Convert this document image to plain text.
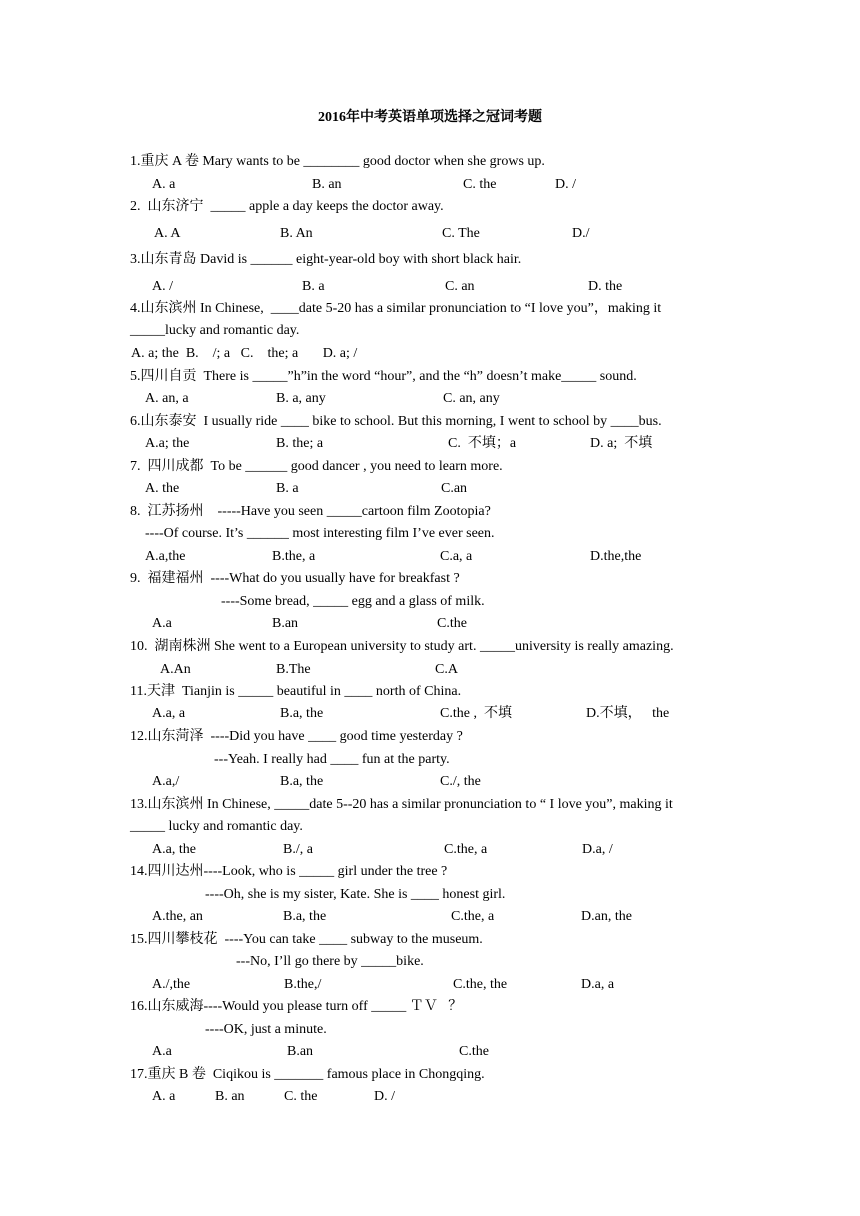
2016年中考英语单项选择之冠词考题
1.重庆 A 卷 Mary wants to be ________ good doctor when she grows up.
A. a	B. an	C. the	D. /
2.  山东济宁  _____ apple a day keeps the doctor away.
A. A	B. An	C. The	D./
3.山东青岛 David is ______ eight-year-old boy with short black hair.
A. /	B. a	C. an	D. the
4.山东滨州 In Chinese,  ____date 5-20 has a similar pronunciation to “I love you”，making it
_____lucky and romantic day.
A. a; the  B.    /; a   C.    the; a       D. a; /
5.四川自贡  There is _____”h”in the word “hour”, and the “h” doesn’t make_____ sound.
A. an, a	B. a, any	C. an, any
6.山东泰安  I usually ride ____ bike to school. But this morning, I went to school by ____bus.
A.a; the	B. the; a	C.  不填；a	D. a;  不填
7.  四川成都  To be ______ good dancer , you need to learn more.
A. the	B. a	C.an
8.  江苏扬州    -----Have you seen _____cartoon film Zootopia?
----Of course. It’s ______ most interesting film I’ve ever seen.
A.a,the	B.the, a	C.a, a	D.the,the
9.  福建福州  ----What do you usually have for breakfast ?
----Some bread, _____ egg and a glass of milk.
A.a	B.an	C.the
10.  湖南株洲 She went to a European university to study art. _____university is really amazing.
A.An	B.The	C.A
11.天津  Tianjin is _____ beautiful in ____ north of China.
A.a, a	B.a, the	C.the ,  不填	D.不填，   the
12.山东菏泽  ----Did you have ____ good time yesterday ?
---Yeah. I really had ____ fun at the party.
A.a,/	B.a, the	C./, the
13.山东滨州 In Chinese, _____date 5--20 has a similar pronunciation to “ I love you”, making it
_____ lucky and romantic day.
A.a, the	B./, a	C.the, a	D.a, /
14.四川达州----Look, who is _____ girl under the tree ?
----Oh, she is my sister, Kate. She is ____ honest girl.
A.the, an	B.a, the	C.the, a	D.an, the
15.四川攀枝花  ----You can take ____ subway to the museum.
---No, I’ll go there by _____bike.
A./,the	B.the,/	C.the, the	D.a, a
16.山东威海----Would you please turn off _____ ＴＶ   ？
----OK, just a minute.
A.a	B.an	C.the
17.重庆 B 卷  Ciqikou is _______ famous place in Chongqing.
A. a	B. an	C. the	D. /
